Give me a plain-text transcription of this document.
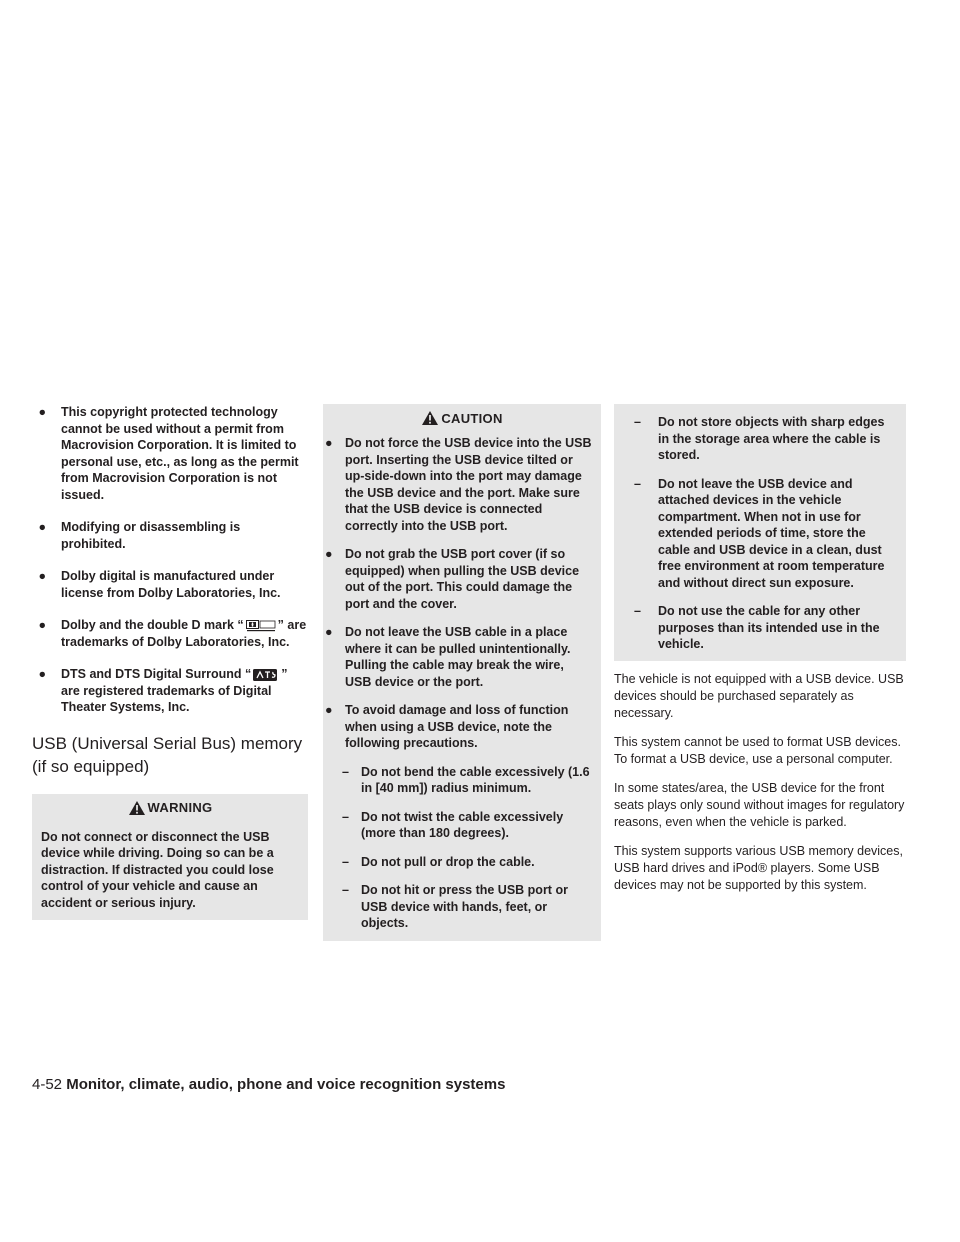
● This copyright protected technology cannot be used without a permit from Macrovision Corporation. It is limited to personal use, etc., as long as the permit from Macrovision Corporation is not issued.
● Modifying or disassembling is prohibited.
● Dolby digital is manufactured under license from Dolby Laboratories, Inc.
● Dolby and the double D mark “	” are trademarks of Dolby Laboratories, Inc.
● DTS and DTS Digital Surround “ ” are registered trademarks of Digital Theater Systems, Inc.
USB (Universal Serial Bus) memory (if so equipped)
WARNING
Do not connect or disconnect the USB device while driving. Doing so can be a distraction. If distracted you could lose control of your vehicle and cause an accident or serious injury.
CAUTION
● Do not force the USB device into the USB port. Inserting the USB device tilted or up-side-down into the port may damage the USB device and the port. Make sure that the USB device is connected correctly into the USB port.
● Do not grab the USB port cover (if so equipped) when pulling the USB device out of the port. This could damage the port and the cover.
● Do not leave the USB cable in a place where it can be pulled unintentionally. Pulling the cable may break the wire, USB device or the port.
● To avoid damage and loss of function when using a USB device, note the following precautions.
– Do not bend the cable excessively (1.6 in [40 mm]) radius minimum.
– Do not twist the cable excessively (more than 180 degrees).
– Do not pull or drop the cable.
– Do not hit or press the USB port or USB device with hands, feet, or objects.
– Do not store objects with sharp edges in the storage area where the cable is stored.
– Do not leave the USB device and attached devices in the vehicle compartment. When not in use for extended periods of time, store the cable and USB device in a clean, dust free environment at room temperature and without direct sun exposure.
– Do not use the cable for any other purposes than its intended use in the vehicle.

The vehicle is not equipped with a USB device. USB devices should be purchased separately as necessary.

This system cannot be used to format USB devices. To format a USB device, use a personal computer.

In some states/area, the USB device for the front seats plays only sound without images for regulatory reasons, even when the vehicle is parked.

This system supports various USB memory devices, USB hard drives and iPod® players. Some USB devices may not be supported by this system.

4-52 Monitor, climate, audio, phone and voice recognition systems
